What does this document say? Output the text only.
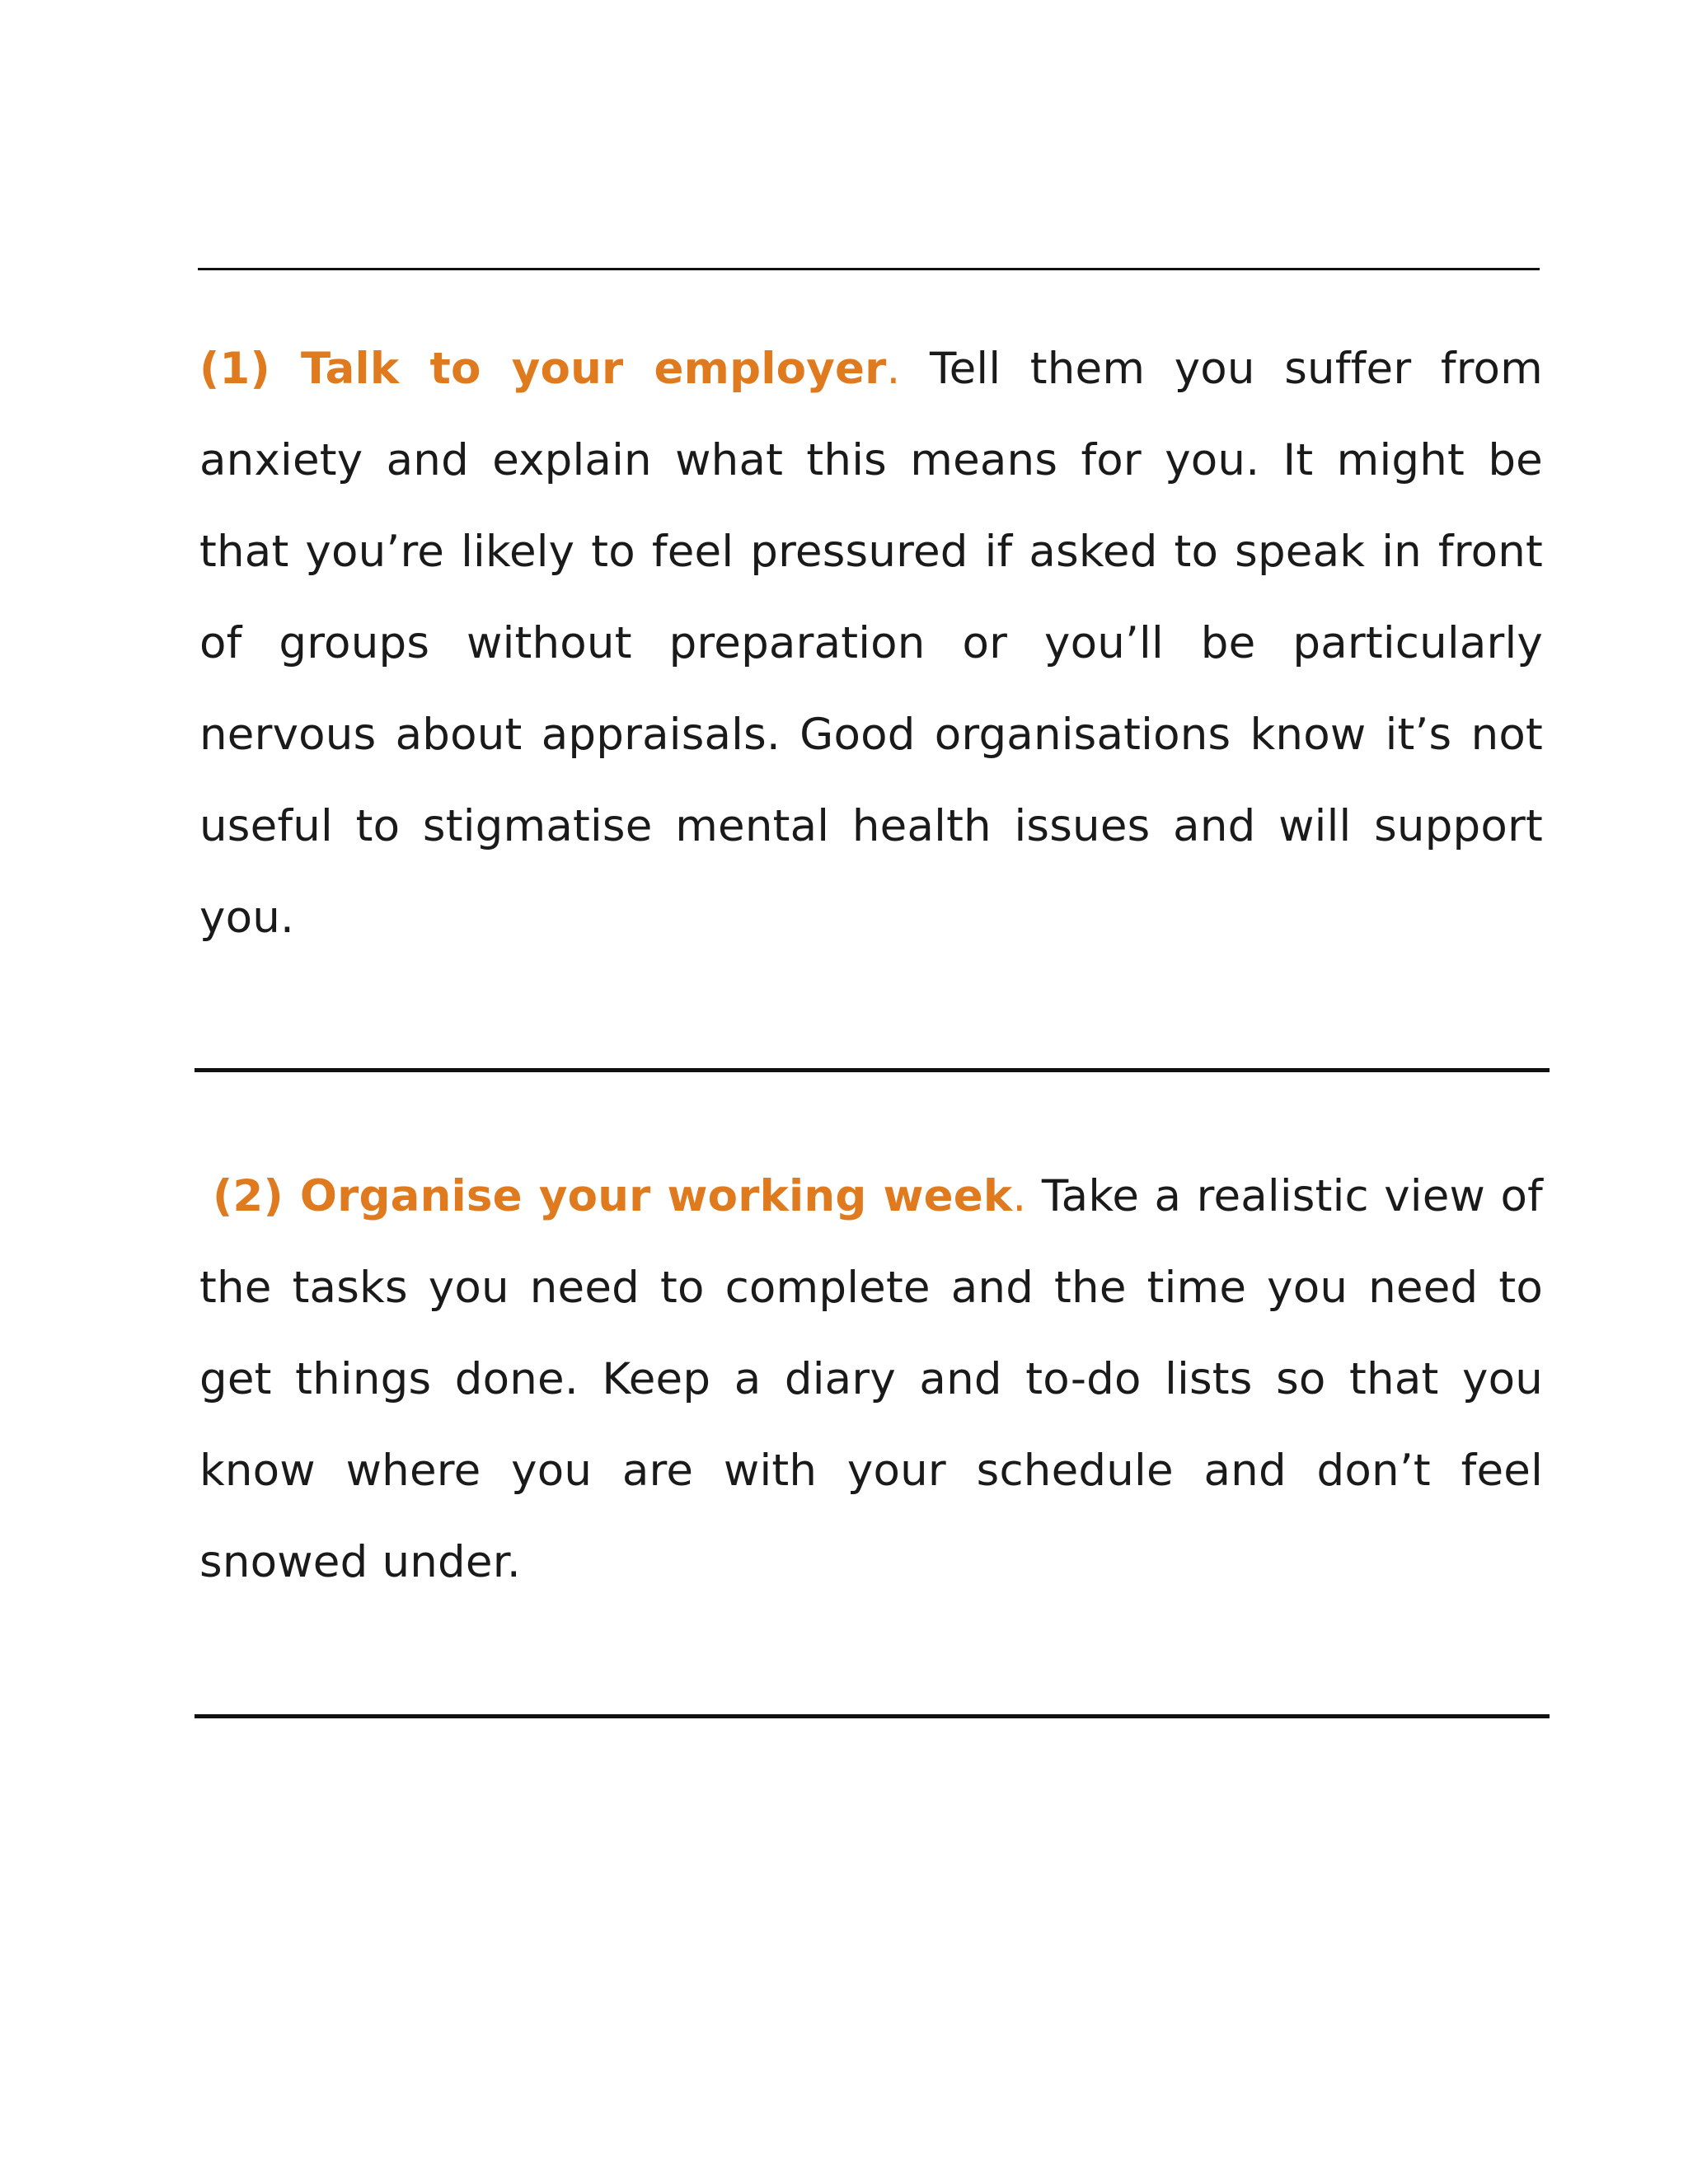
(1) Talk to your employer. Tell them you suffer from anxiety and explain what this means for you. It might be that you’re likely to feel pressured if asked to speak in front of groups without preparation or you’ll be particularly nervous about appraisals. Good organisations know it’s not useful to stigmatise mental health issues and will support you.

(2) Organise your working week. Take a realistic view of the tasks you need to complete and the time you need to get things done. Keep a diary and to-do lists so that you know where you are with your schedule and don’t feel snowed under.
